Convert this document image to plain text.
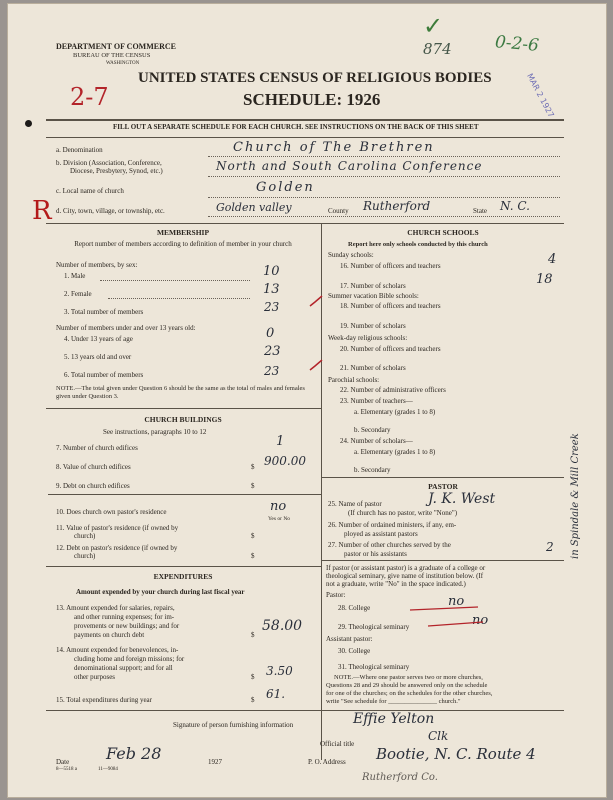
DEPARTMENT OF COMMERCE
BUREAU OF THE CENSUS
WASHINGTON
UNITED STATES CENSUS OF RELIGIOUS BODIES
SCHEDULE: 1926
2-7
✓
874	0-2-6
MAR 2 1927
FILL OUT A SEPARATE SCHEDULE FOR EACH CHURCH. SEE INSTRUCTIONS ON THE BACK OF THIS SHEET
a. Denomination	Church of The Brethren
b. Division (Association, Conference,
Diocese, Presbytery, Synod, etc.)	North and South Carolina Conference
c. Local name of church	Golden
R d. City, town, village, or township, etc.	Golden valley	County Rutherford	State N. C.
MEMBERSHIP
Report number of members according to definition of member in your church
Number of members, by sex:
1. Male	10
2. Female	13
3. Total number of members	23
Number of members under and over 13 years old:
4. Under 13 years of age	0
5. 13 years old and over	23
6. Total number of members	23
NOTE.—The total given under Question 6 should be the same as the total of males and females given under Question 3.
CHURCH BUILDINGS
See instructions, paragraphs 10 to 12
7. Number of church edifices	1
8. Value of church edifices	$ 900.00
9. Debt on church edifices	$
10. Does church own pastor's residence	no
Yes or No
11. Value of pastor's residence (if owned by
church)	$
12. Debt on pastor's residence (if owned by
church)	$
EXPENDITURES
Amount expended by your church during last fiscal year
13. Amount expended for salaries, repairs,
and other running expenses; for im-
provements or new buildings; and for
payments on church debt	$
58.00
14. Amount expended for benevolences, in-
cluding home and foreign missions; for
denominational support; and for all
other purposes	$ 3.50
15. Total expenditures during year	$ 61.
CHURCH SCHOOLS
Report here only schools conducted by this church
Sunday schools:
16. Number of officers and teachers	4
17. Number of scholars	18
Summer vacation Bible schools:
18. Number of officers and teachers
19. Number of scholars
Week-day religious schools:
20. Number of officers and teachers
21. Number of scholars
Parochial schools:
22. Number of administrative officers
23. Number of teachers—
a. Elementary (grades 1 to 8)
b. Secondary
24. Number of scholars—
a. Elementary (grades 1 to 8)
b. Secondary
PASTOR
25. Name of pastor	J. K. West
(If church has no pastor, write "None")
26. Number of ordained ministers, if any, em-
ployed as assistant pastors
27. Number of other churches served by the
pastor or his assistants	2
If pastor (or assistant pastor) is a graduate of a college or
theological seminary, give name of institution below. (If
not a graduate, write "No" in the space indicated.)
Pastor:
28. College	no
29. Theological seminary	no
Assistant pastor:
30. College
31. Theological seminary
NOTE.—Where one pastor serves two or more churches,
Questions 28 and 29 should be answered only on the schedule
for one of the churches; on the schedules for the other churches,
write "See schedule for _______________ church."
in Spindale & Mill Creek
Signature of person furnishing information	Effie Yelton
Official title
Clk
Date Feb 28	1927	P. O. Address Bootie, N. C. Route 4
8—5518 a	11—9084
Rutherford Co.
